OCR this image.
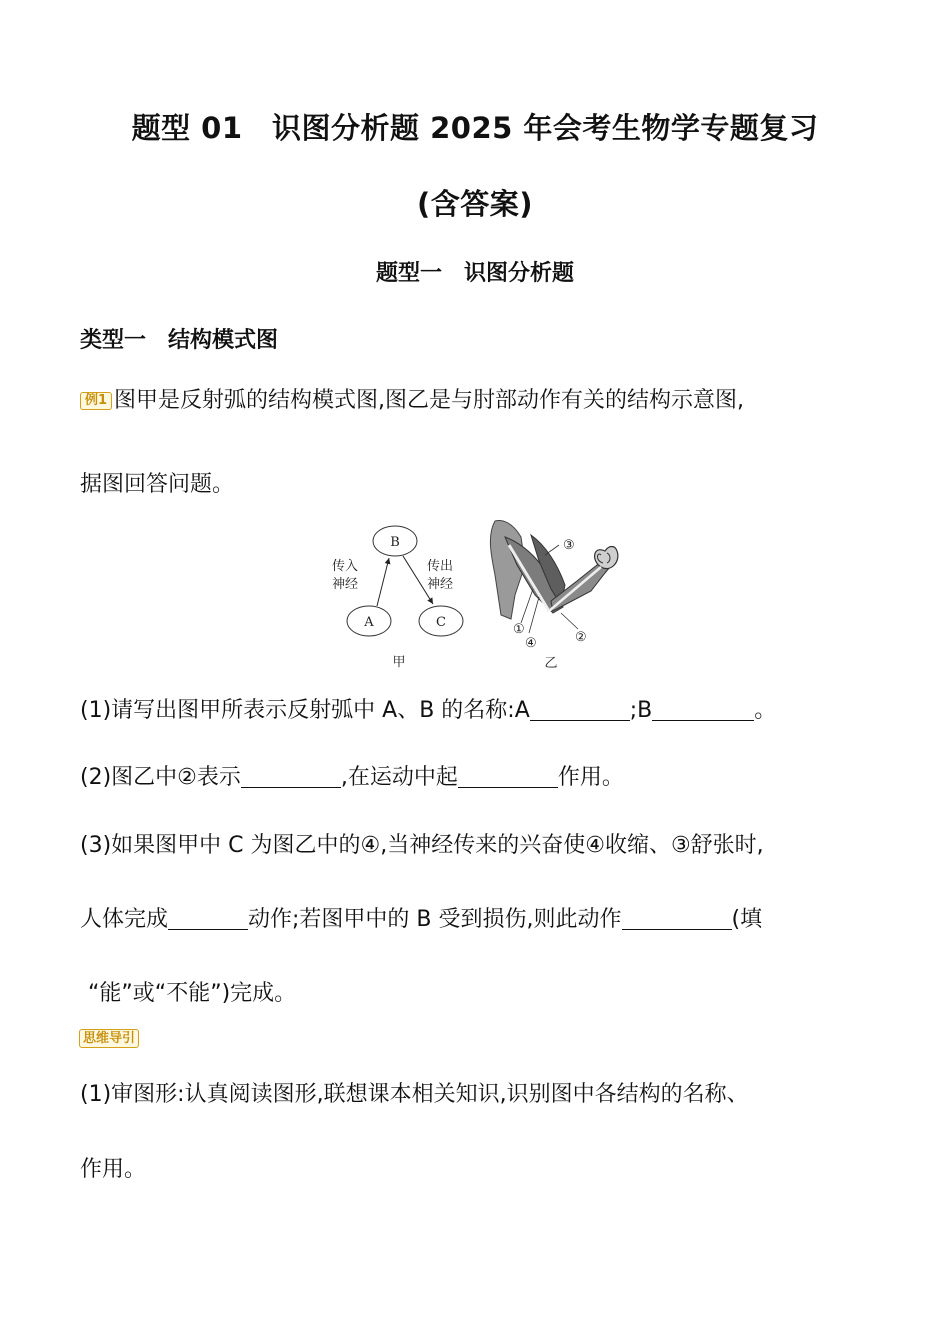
题型 01　识图分析题 2025 年会考生物学专题复习
(含答案)
题型一　识图分析题
类型一　结构模式图
例1 图甲是反射弧的结构模式图,图乙是与肘部动作有关的结构示意图,
据图回答问题。
B
A	C
传入
神经
传出
神经
甲
③
①
④	②
乙
(1)请写出图甲所表示反射弧中 A、B 的名称:A	;B	。
(2)图乙中②表示	,在运动中起	作用。
(3)如果图甲中 C 为图乙中的④,当神经传来的兴奋使④收缩、③舒张时,
人体完成	动作;若图甲中的 B 受到损伤,则此动作	(填
“能”或“不能”)完成。
思维导引
(1)审图形:认真阅读图形,联想课本相关知识,识别图中各结构的名称、
作用。
